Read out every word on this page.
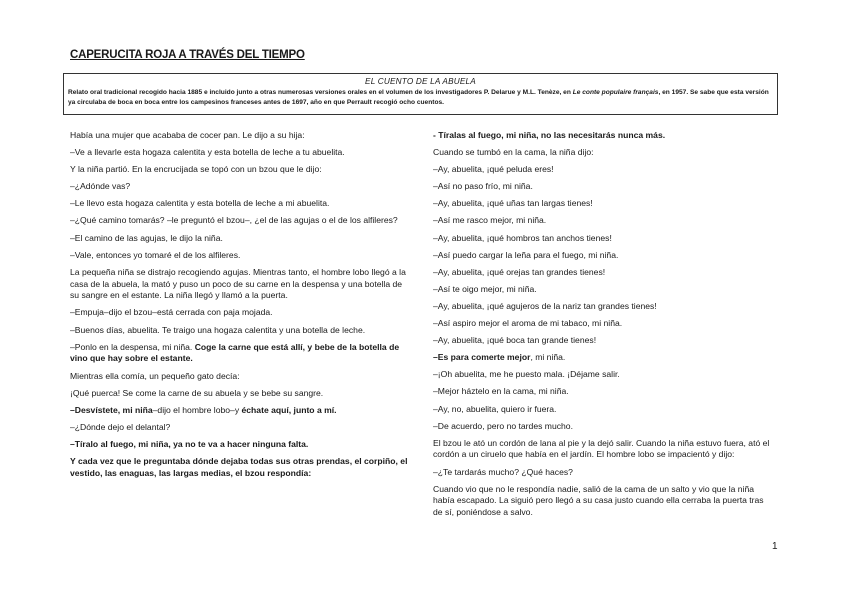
CAPERUCITA ROJA A TRAVÉS DEL TIEMPO
EL CUENTO DE LA ABUELA
Relato oral tradicional recogido hacia 1885 e incluido junto a otras numerosas versiones orales en el volumen de los investigadores P. Delarue y M.L. Tenèze, en Le conte populaire français, en 1957. Se sabe que esta versión ya circulaba de boca en boca entre los campesinos franceses antes de 1697, año en que Perrault recogió ocho cuentos.

Había una mujer que acababa de cocer pan. Le dijo a su hija:

–Ve a llevarle esta hogaza calentita y esta botella de leche a tu abuelita.

Y la niña partió. En la encrucijada se topó con un bzou que le dijo:

–¿Adónde vas?

–Le llevo esta hogaza calentita y esta botella de leche a mi abuelita.

–¿Qué camino tomarás? –le preguntó el bzou–, ¿el de las agujas o el de los alfileres?

–El camino de las agujas, le dijo la niña.

–Vale, entonces yo tomaré el de los alfileres.

La pequeña niña se distrajo recogiendo agujas. Mientras tanto, el hombre lobo llegó a la casa de la abuela, la mató y puso un poco de su carne en la despensa y una botella de su sangre en el estante. La niña llegó y llamó a la puerta.

–Empuja–dijo el bzou–está cerrada con paja mojada.

–Buenos días, abuelita. Te traigo una hogaza calentita y una botella de leche.

–Ponlo en la despensa, mi niña. Coge la carne que está allí, y bebe de la botella de vino que hay sobre el estante.

Mientras ella comía, un pequeño gato decía:

¡Qué puerca! Se come la carne de su abuela y se bebe su sangre.

–Desvístete, mi niña–dijo el hombre lobo–y échate aquí, junto a mí.

–¿Dónde dejo el delantal?

–Tíralo al fuego, mi niña, ya no te va a hacer ninguna falta.

Y cada vez que le preguntaba dónde dejaba todas sus otras prendas, el corpiño, el vestido, las enaguas, las largas medias, el bzou respondía:

- Tíralas al fuego, mi niña, no las necesitarás nunca más.

Cuando se tumbó en la cama, la niña dijo:

–Ay, abuelita, ¡qué peluda eres!

–Así no paso frío, mi niña.

–Ay, abuelita, ¡qué uñas tan largas tienes!

–Así me rasco mejor, mi niña.

–Ay, abuelita, ¡qué hombros tan anchos tienes!

–Así puedo cargar la leña para el fuego, mi niña.

–Ay, abuelita, ¡qué orejas tan grandes tienes!

–Así te oigo mejor, mi niña.

–Ay, abuelita, ¡qué agujeros de la nariz tan grandes tienes!

–Así aspiro mejor el aroma de mi tabaco, mi niña.

–Ay, abuelita, ¡qué boca tan grande tienes!

–Es para comerte mejor, mi niña.

–¡Oh abuelita, me he puesto mala. ¡Déjame salir.

–Mejor háztelo en la cama, mi niña.

–Ay, no, abuelita, quiero ir fuera.

–De acuerdo, pero no tardes mucho.

El bzou le ató un cordón de lana al pie y la dejó salir. Cuando la niña estuvo fuera, ató el cordón a un ciruelo que había en el jardín. El hombre lobo se impacientó y dijo:

–¿Te tardarás mucho? ¿Qué haces?

Cuando vio que no le respondía nadie, salió de la cama de un salto y vio que la niña había escapado. La siguió pero llegó a su casa justo cuando ella cerraba la puerta tras de sí, poniéndose a salvo.

1
